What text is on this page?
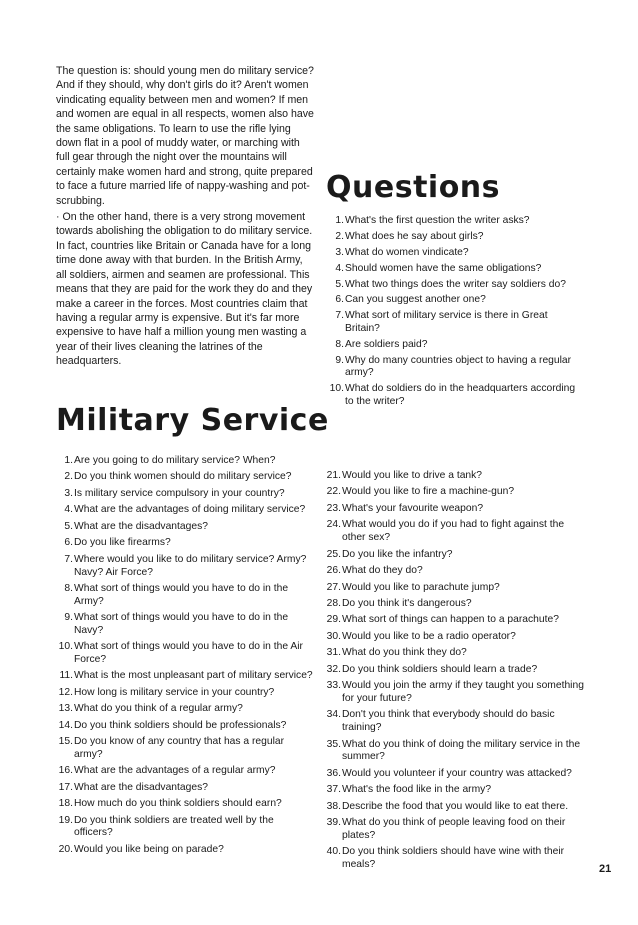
The question is: should young men do military service? And if they should, why don't girls do it? Aren't women vindicating equality between men and women? If men and women are equal in all respects, women also have the same obligations. To learn to use the rifle lying down flat in a pool of muddy water, or marching with full gear through the night over the mountains will certainly make women hard and strong, quite prepared to face a future married life of nappy-washing and pot-scrubbing.

· On the other hand, there is a very strong movement towards abolishing the obligation to do military service. In fact, countries like Britain or Canada have for a long time done away with that burden. In the British Army, all soldiers, airmen and seamen are professional. This means that they are paid for the work they do and they make a career in the forces. Most countries claim that having a regular army is expensive. But it's far more expensive to have half a million young men wasting a year of their lives cleaning the latrines of the headquarters.

Questions
1. What's the first question the writer asks?
2. What does he say about girls?
3. What do women vindicate?
4. Should women have the same obligations?
5. What two things does the writer say soldiers do?
6. Can you suggest another one?
7. What sort of military service is there in Great Britain?
8. Are soldiers paid?
9. Why do many countries object to having a regular army?
10. What do soldiers do in the headquarters according to the writer?
Military Service
1. Are you going to do military service? When?
2. Do you think women should do military service?
3. Is military service compulsory in your country?
4. What are the advantages of doing military service?
5. What are the disadvantages?
6. Do you like firearms?
7. Where would you like to do military service? Army? Navy? Air Force?
8. What sort of things would you have to do in the Army?
9. What sort of things would you have to do in the Navy?
10. What sort of things would you have to do in the Air Force?
11. What is the most unpleasant part of military service?
12. How long is military service in your country?
13. What do you think of a regular army?
14. Do you think soldiers should be professionals?
15. Do you know of any country that has a regular army?
16. What are the advantages of a regular army?
17. What are the disadvantages?
18. How much do you think soldiers should earn?
19. Do you think soldiers are treated well by the officers?
20. Would you like being on parade?
21. Would you like to drive a tank?
22. Would you like to fire a machine-gun?
23. What's your favourite weapon?
24. What would you do if you had to fight against the other sex?
25. Do you like the infantry?
26. What do they do?
27. Would you like to parachute jump?
28. Do you think it's dangerous?
29. What sort of things can happen to a parachute?
30. Would you like to be a radio operator?
31. What do you think they do?
32. Do you think soldiers should learn a trade?
33. Would you join the army if they taught you something for your future?
34. Don't you think that everybody should do basic training?
35. What do you think of doing the military service in the summer?
36. Would you volunteer if your country was attacked?
37. What's the food like in the army?
38. Describe the food that you would like to eat there.
39. What do you think of people leaving food on their plates?
40. Do you think soldiers should have wine with their meals?	21
